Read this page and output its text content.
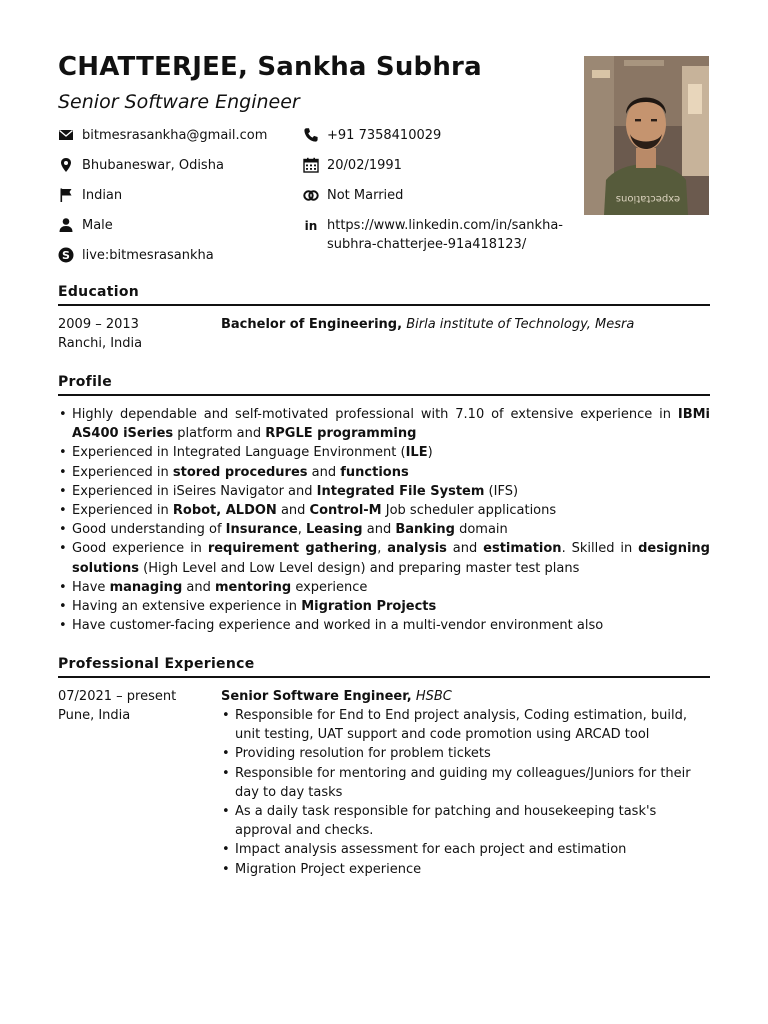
CHATTERJEE, Sankha Subhra
Senior Software Engineer
bitmesrasankha@gmail.com
Bhubaneswar, Odisha
Indian
Male
S live:bitmesrasankha
+91 7358410029
20/02/1991
Not Married
in https://www.linkedin.com/in/sankha-subhra-chatterjee-91a418123/
expectations
Education
2009 – 2013
Ranchi, India
Bachelor of Engineering, Birla institute of Technology, Mesra
Profile
• Highly dependable and self-motivated professional with 7.10 of extensive experience in IBMi AS400 iSeries platform and RPGLE programming
• Experienced in Integrated Language Environment (ILE)
• Experienced in stored procedures and functions
• Experienced in iSeires Navigator and Integrated File System (IFS)
• Experienced in Robot, ALDON and Control-M Job scheduler applications
• Good understanding of Insurance, Leasing and Banking domain
• Good experience in requirement gathering, analysis and estimation. Skilled in designing solutions (High Level and Low Level design) and preparing master test plans
• Have managing and mentoring experience
• Having an extensive experience in Migration Projects
• Have customer-facing experience and worked in a multi-vendor environment also
Professional Experience
07/2021 – present
Pune, India
Senior Software Engineer, HSBC
• Responsible for End to End project analysis, Coding estimation, build, unit testing, UAT support and code promotion using ARCAD tool
• Providing resolution for problem tickets
• Responsible for mentoring and guiding my colleagues/Juniors for their day to day tasks
• As a daily task responsible for patching and housekeeping task's approval and checks.
• Impact analysis assessment for each project and estimation
• Migration Project experience
